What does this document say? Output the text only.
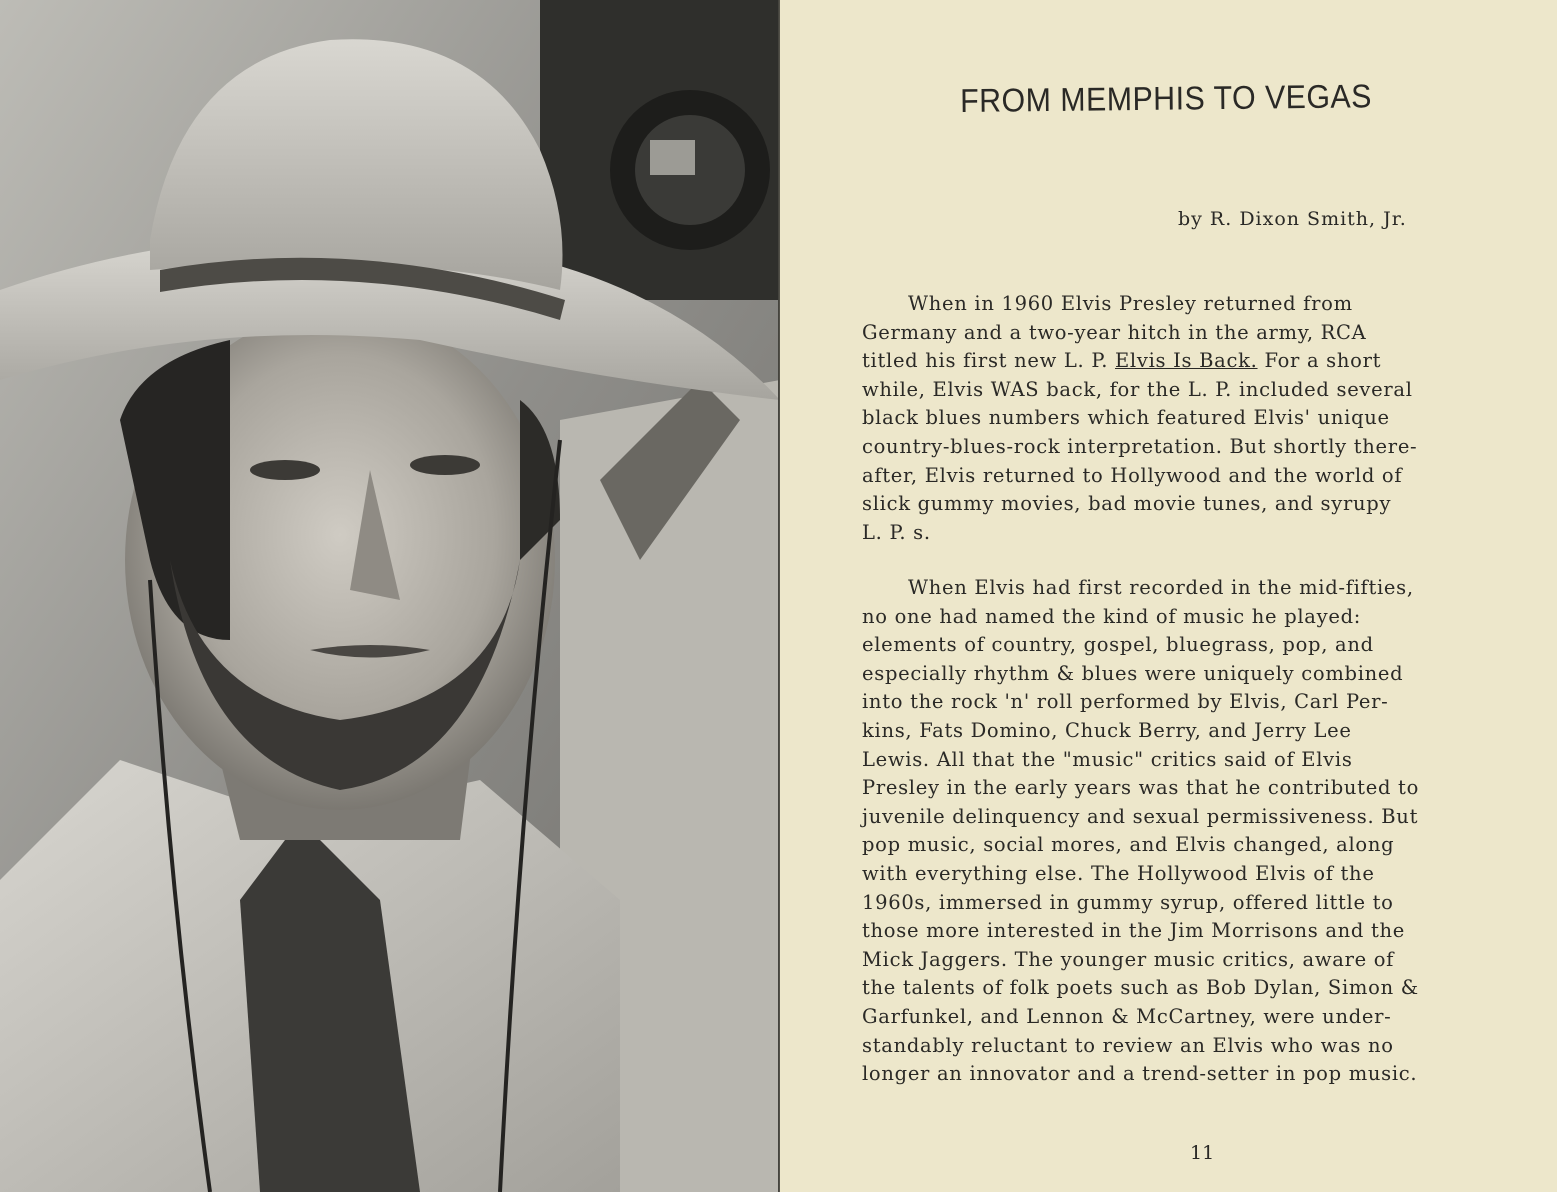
FROM MEMPHIS TO VEGAS
by R. Dixon Smith, Jr.

When in 1960 Elvis Presley returned from
Germany and a two-year hitch in the army, RCA
titled his first new L. P. Elvis Is Back. For a short
while, Elvis WAS back, for the L. P. included several
black blues numbers which featured Elvis' unique
country-blues-rock interpretation. But shortly there-
after, Elvis returned to Hollywood and the world of
slick gummy movies, bad movie tunes, and syrupy
L. P. s.

When Elvis had first recorded in the mid-fifties,
no one had named the kind of music he played:
elements of country, gospel, bluegrass, pop, and
especially rhythm & blues were uniquely combined
into the rock 'n' roll performed by Elvis, Carl Per-
kins, Fats Domino, Chuck Berry, and Jerry Lee
Lewis. All that the "music" critics said of Elvis
Presley in the early years was that he contributed to
juvenile delinquency and sexual permissiveness. But
pop music, social mores, and Elvis changed, along
with everything else. The Hollywood Elvis of the
1960s, immersed in gummy syrup, offered little to
those more interested in the Jim Morrisons and the
Mick Jaggers. The younger music critics, aware of
the talents of folk poets such as Bob Dylan, Simon &
Garfunkel, and Lennon & McCartney, were under-
standably reluctant to review an Elvis who was no
longer an innovator and a trend-setter in pop music.

11
